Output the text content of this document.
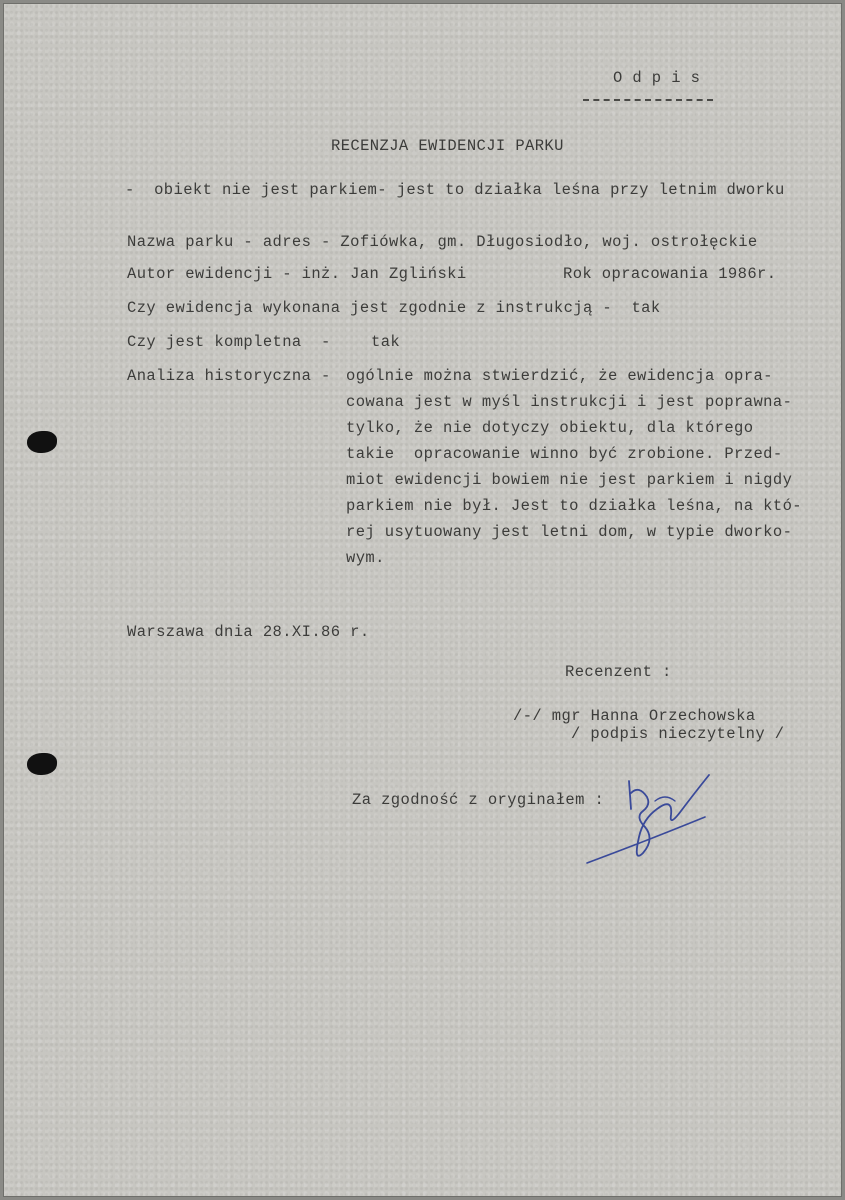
O d p i s

RECENZJA EWIDENCJI PARKU

-  obiekt nie jest parkiem- jest to działka leśna przy letnim dworku

Nazwa parku - adres - Zofiówka, gm. Długosiodło, woj. ostrołęckie

Autor ewidencji - inż. Jan Zgliński	Rok opracowania 1986r.

Czy ewidencja wykonana jest zgodnie z instrukcją -  tak

Czy jest kompletna  -	tak

Analiza historyczna - ogólnie można stwierdzić, że ewidencja opra-

cowana jest w myśl instrukcji i jest poprawna-

tylko, że nie dotyczy obiektu, dla którego

takie  opracowanie winno być zrobione. Przed-

miot ewidencji bowiem nie jest parkiem i nigdy

parkiem nie był. Jest to działka leśna, na któ-

rej usytuowany jest letni dom, w typie dworko-

wym.

Warszawa dnia 28.XI.86 r.

Recenzent :

/-/ mgr Hanna Orzechowska

/ podpis nieczytelny /

Za zgodność z oryginałem :
